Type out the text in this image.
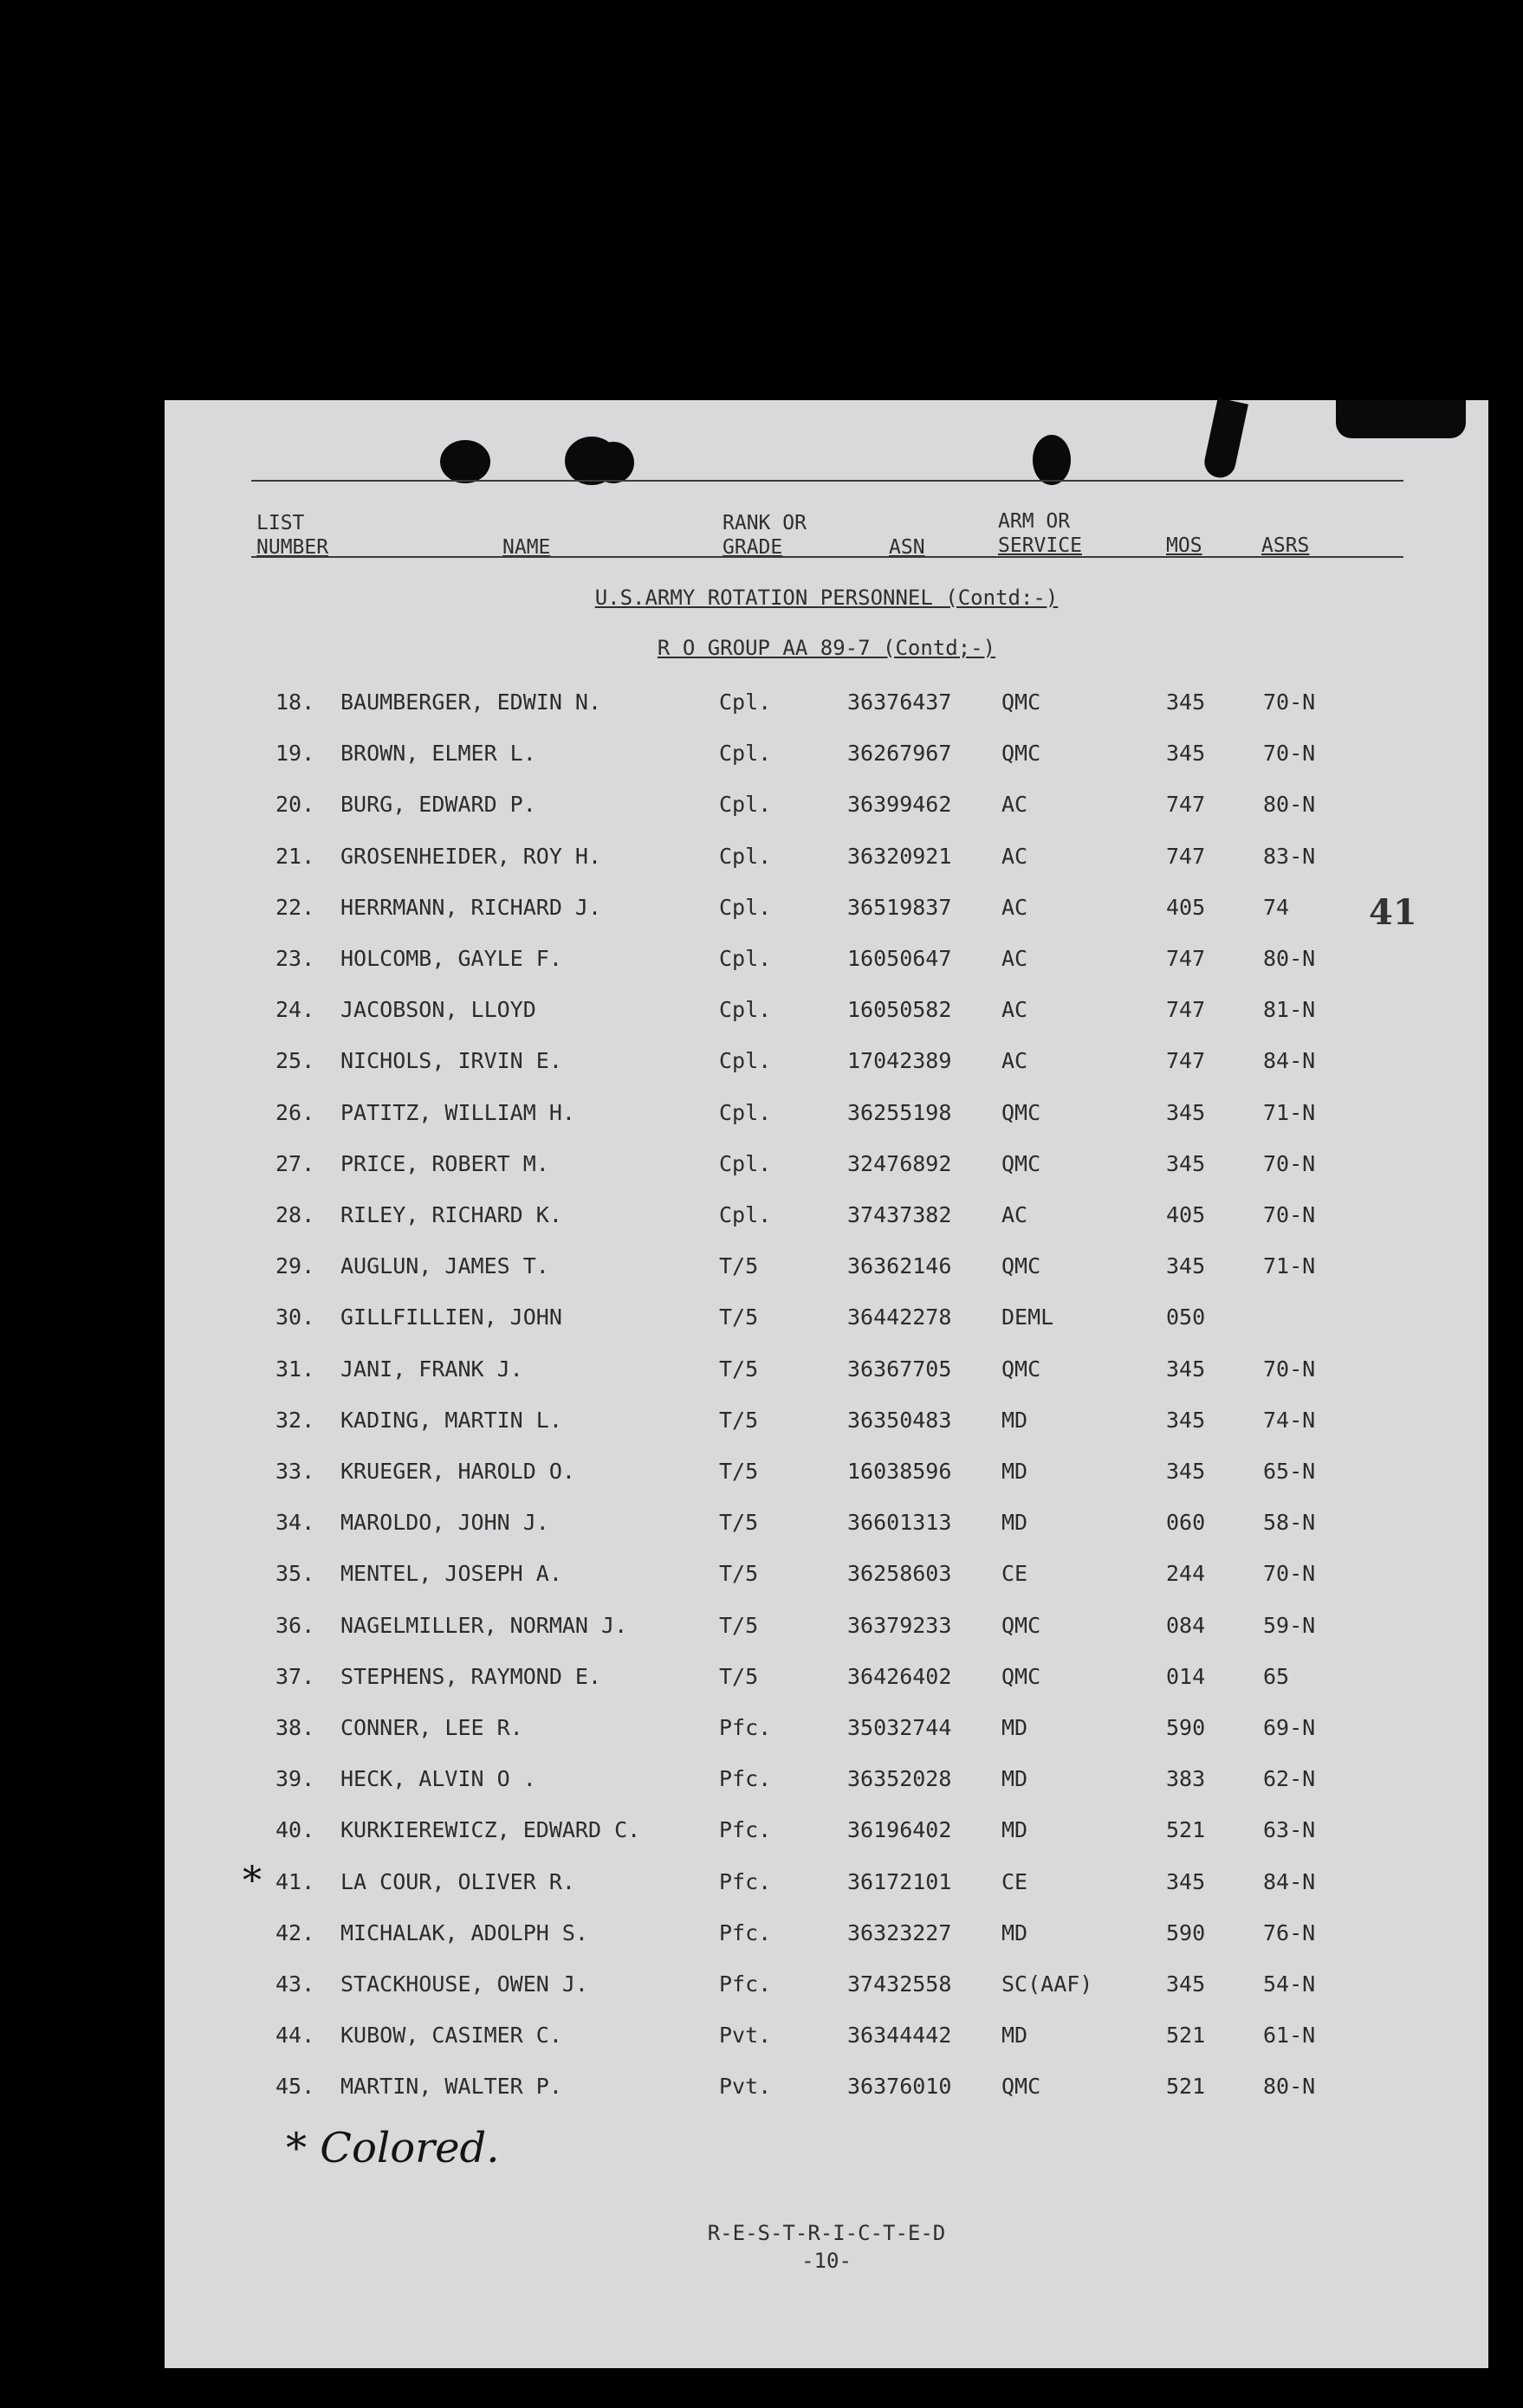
LIST
NUMBER	NAME
RANK OR
GRADE	ASN
ARM OR
SERVICE	MOS	ASRS
U.S.ARMY ROTATION PERSONNEL (Contd:-)
R O GROUP AA 89-7 (Contd;-)
41
18. BAUMBERGER, EDWIN N.	Cpl.	36376437 QMC	345	70-N
19. BROWN, ELMER L.	Cpl.	36267967 QMC	345	70-N
20. BURG, EDWARD P.	Cpl.	36399462 AC	747	80-N
21. GROSENHEIDER, ROY H.	Cpl.	36320921 AC	747	83-N
22. HERRMANN, RICHARD J.	Cpl.	36519837 AC	405	74
23. HOLCOMB, GAYLE F.	Cpl.	16050647 AC	747	80-N
24. JACOBSON, LLOYD	Cpl.	16050582 AC	747	81-N
25. NICHOLS, IRVIN E.	Cpl.	17042389 AC	747	84-N
26. PATITZ, WILLIAM H.	Cpl.	36255198 QMC	345	71-N
27. PRICE, ROBERT M.	Cpl.	32476892 QMC	345	70-N
28. RILEY, RICHARD K.	Cpl.	37437382 AC	405	70-N
29. AUGLUN, JAMES T.	T/5	36362146 QMC	345	71-N
30. GILLFILLIEN, JOHN	T/5	36442278 DEML	050
31. JANI, FRANK J.	T/5	36367705 QMC	345	70-N
32. KADING, MARTIN L.	T/5	36350483 MD	345	74-N
33. KRUEGER, HAROLD O.	T/5	16038596 MD	345	65-N
34. MAROLDO, JOHN J.	T/5	36601313 MD	060	58-N
35. MENTEL, JOSEPH A.	T/5	36258603 CE	244	70-N
36. NAGELMILLER, NORMAN J.	T/5	36379233 QMC	084	59-N
37. STEPHENS, RAYMOND E.	T/5	36426402 QMC	014	65
38. CONNER, LEE R.	Pfc.	35032744 MD	590	69-N
39. HECK, ALVIN O .	Pfc.	36352028 MD	383	62-N
40. KURKIEREWICZ, EDWARD C.	Pfc.	36196402 MD	521	63-N
41. LA COUR, OLIVER R.	Pfc.	36172101 CE	345	84-N
*
42. MICHALAK, ADOLPH S.	Pfc.	36323227 MD	590	76-N
43. STACKHOUSE, OWEN J.	Pfc.	37432558 SC(AAF)	345	54-N
44. KUBOW, CASIMER C.	Pvt.	36344442 MD	521	61-N
45. MARTIN, WALTER P.	Pvt.	36376010 QMC	521	80-N
* Colored.
R-E-S-T-R-I-C-T-E-D
-10-
